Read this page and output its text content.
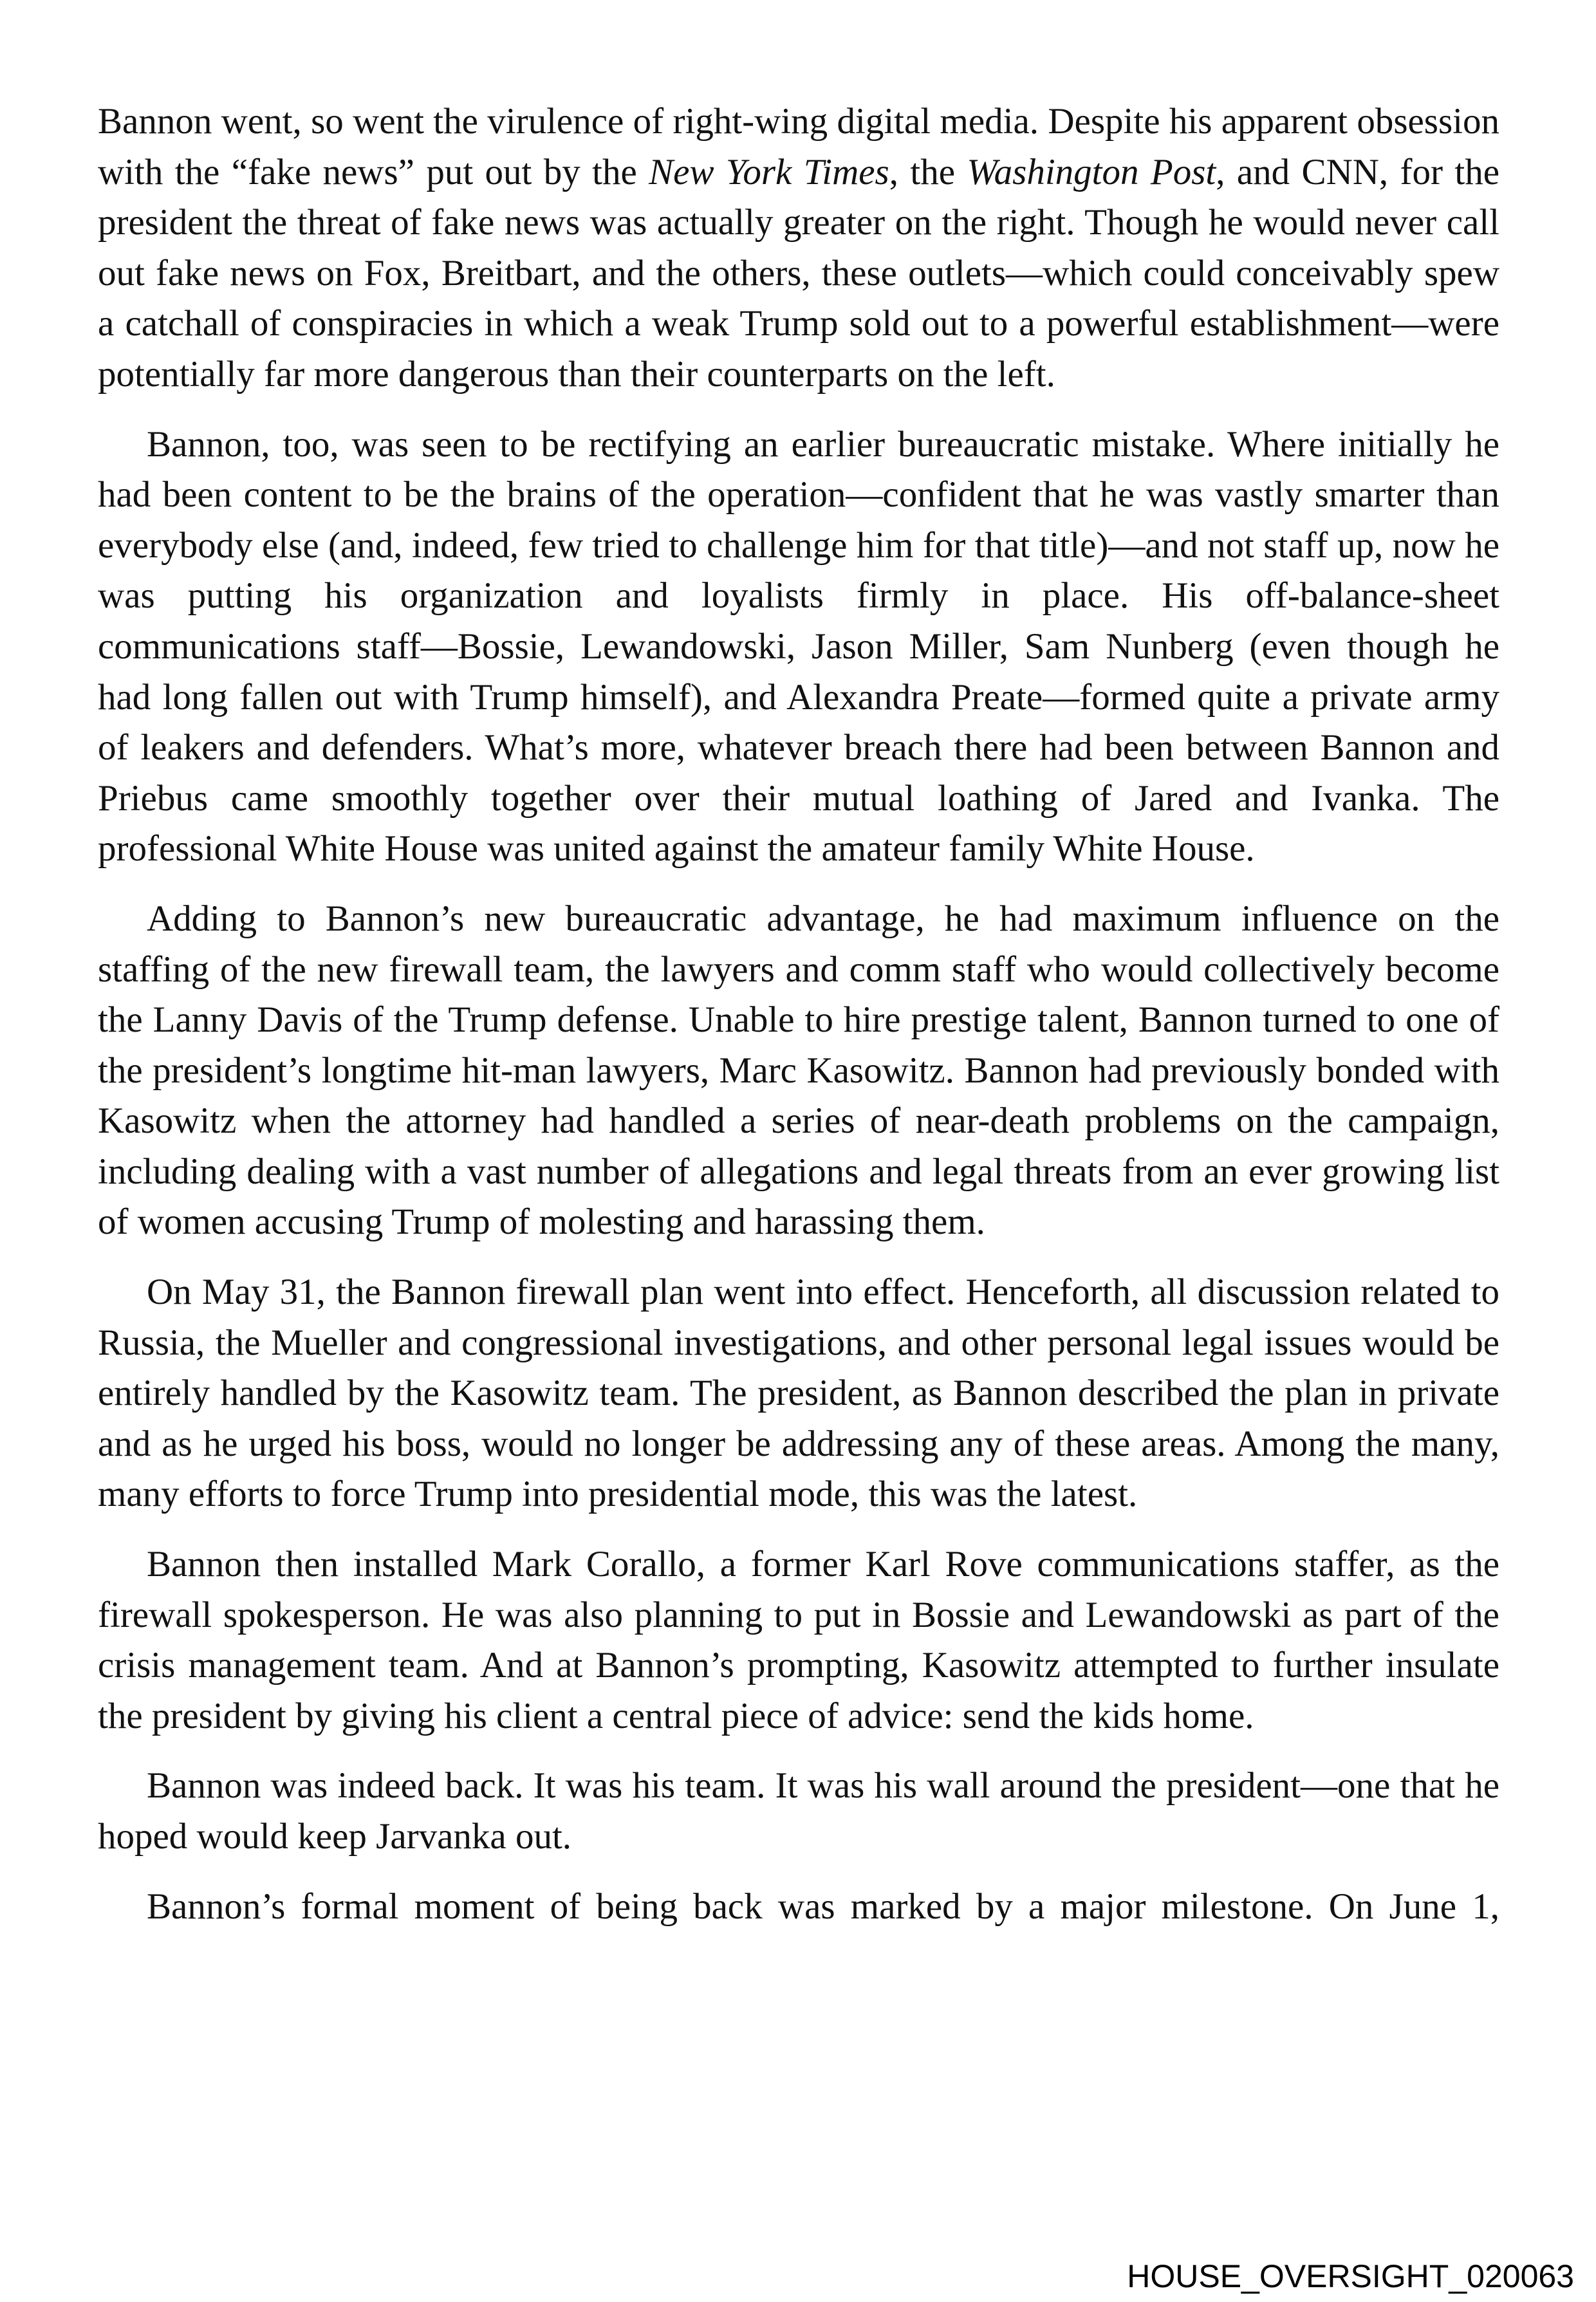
Bannon went, so went the virulence of right-wing digital media. Despite his apparent obsession with the “fake news” put out by the New York Times, the Washington Post, and CNN, for the president the threat of fake news was actually greater on the right. Though he would never call out fake news on Fox, Breitbart, and the others, these outlets—which could conceivably spew a catchall of conspiracies in which a weak Trump sold out to a powerful establishment—were potentially far more dangerous than their counterparts on the left.

Bannon, too, was seen to be rectifying an earlier bureaucratic mistake. Where initially he had been content to be the brains of the operation—confident that he was vastly smarter than everybody else (and, indeed, few tried to challenge him for that title)—and not staff up, now he was putting his organization and loyalists firmly in place. His off-balance-sheet communications staff—Bossie, Lewandowski, Jason Miller, Sam Nunberg (even though he had long fallen out with Trump himself), and Alexandra Preate—formed quite a private army of leakers and defenders. What’s more, whatever breach there had been between Bannon and Priebus came smoothly together over their mutual loathing of Jared and Ivanka. The professional White House was united against the amateur family White House.

Adding to Bannon’s new bureaucratic advantage, he had maximum influence on the staffing of the new firewall team, the lawyers and comm staff who would collectively become the Lanny Davis of the Trump defense. Unable to hire prestige talent, Bannon turned to one of the president’s longtime hit-man lawyers, Marc Kasowitz. Bannon had previously bonded with Kasowitz when the attorney had handled a series of near-death problems on the campaign, including dealing with a vast number of allegations and legal threats from an ever growing list of women accusing Trump of molesting and harassing them.

On May 31, the Bannon firewall plan went into effect. Henceforth, all discussion related to Russia, the Mueller and congressional investigations, and other personal legal issues would be entirely handled by the Kasowitz team. The president, as Bannon described the plan in private and as he urged his boss, would no longer be addressing any of these areas. Among the many, many efforts to force Trump into presidential mode, this was the latest.

Bannon then installed Mark Corallo, a former Karl Rove communications staffer, as the firewall spokesperson. He was also planning to put in Bossie and Lewandowski as part of the crisis management team. And at Bannon’s prompting, Kasowitz attempted to further insulate the president by giving his client a central piece of advice: send the kids home.

Bannon was indeed back. It was his team. It was his wall around the president—one that he hoped would keep Jarvanka out.

Bannon’s formal moment of being back was marked by a major milestone. On June 1,

HOUSE_OVERSIGHT_020063
